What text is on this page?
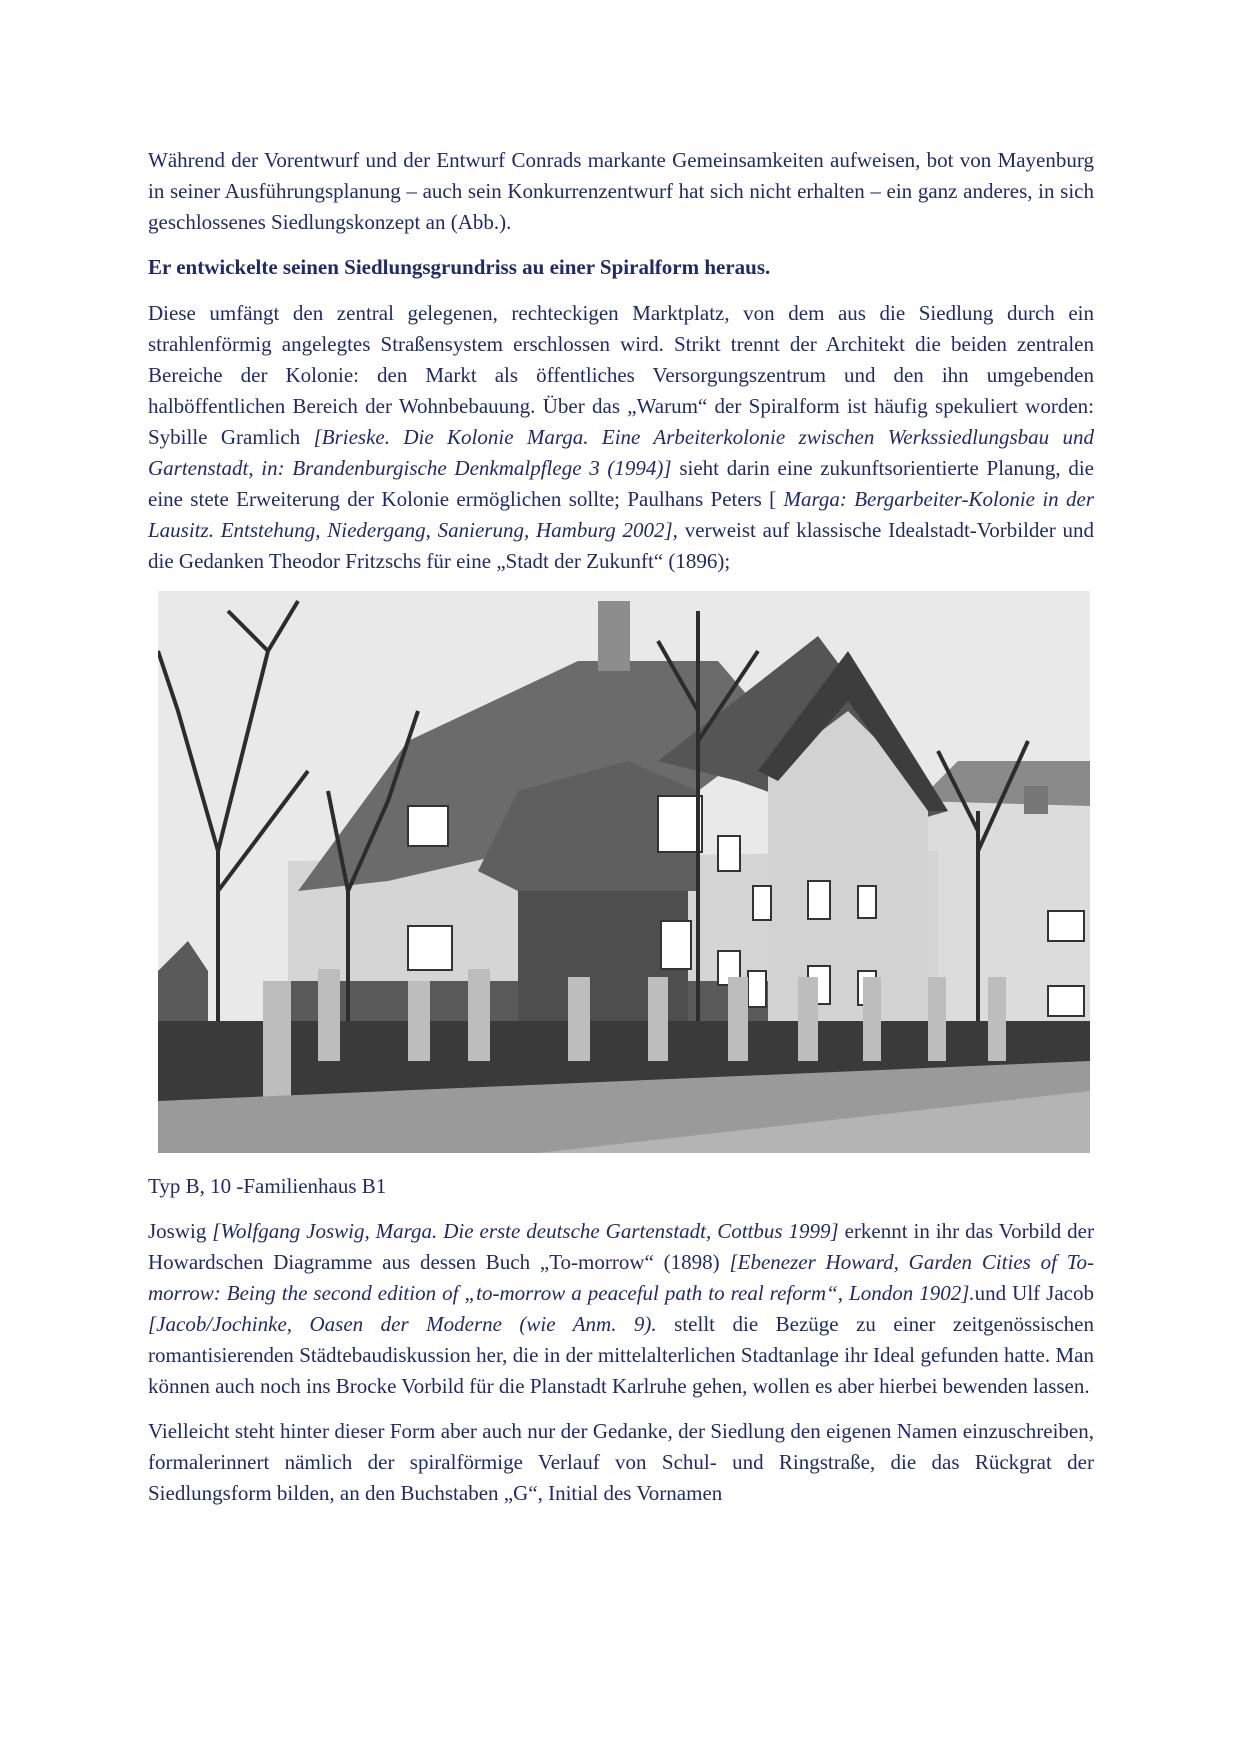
Während der Vorentwurf und der Entwurf Conrads markante Gemeinsamkeiten aufweisen, bot von Mayenburg in seiner Ausführungsplanung – auch sein Konkurrenzentwurf hat sich nicht erhalten – ein ganz anderes, in sich geschlossenes Siedlungskonzept an (Abb.).

Er entwickelte seinen Siedlungsgrundriss au einer Spiralform heraus.

Diese umfängt den zentral gelegenen, rechteckigen Marktplatz, von dem aus die Siedlung durch ein strahlenförmig angelegtes Straßensystem erschlossen wird. Strikt trennt der Architekt die beiden zentralen Bereiche der Kolonie: den Markt als öffentliches Versorgungszentrum und den ihn umgebenden halböffentlichen Bereich der Wohnbebauung. Über das „Warum“ der Spiralform ist häufig spekuliert worden: Sybille Gramlich [Brieske. Die Kolonie Marga. Eine Arbeiterkolonie zwischen Werkssiedlungsbau und Gartenstadt, in: Brandenburgische Denkmalpflege 3 (1994)] sieht darin eine zukunftsorientierte Planung, die eine stete Erweiterung der Kolonie ermöglichen sollte; Paulhans Peters [ Marga: Bergarbeiter-Kolonie in der Lausitz. Entstehung, Niedergang, Sanierung, Hamburg 2002], verweist auf klassische Idealstadt-Vorbilder und die Gedanken Theodor Fritzschs für eine „Stadt der Zukunft“ (1896);

Typ B, 10 -Familienhaus B1

Joswig [Wolfgang Joswig, Marga. Die erste deutsche Gartenstadt, Cottbus 1999] erkennt in ihr das Vorbild der Howardschen Diagramme aus dessen Buch „To-morrow“ (1898) [Ebenezer Howard, Garden Cities of To-morrow: Being the second edition of „to-morrow a peaceful path to real reform“, London 1902].und Ulf Jacob [Jacob/Jochinke, Oasen der Moderne (wie Anm. 9). stellt die Bezüge zu einer zeitgenössischen romantisierenden Städtebaudiskussion her, die in der mittelalterlichen Stadtanlage ihr Ideal gefunden hatte. Man können auch noch ins Brocke Vorbild für die Planstadt Karlruhe gehen, wollen es aber hierbei bewenden lassen.

Vielleicht steht hinter dieser Form aber auch nur der Gedanke, der Siedlung den eigenen Namen einzuschreiben, formalerinnert nämlich der spiralförmige Verlauf von Schul- und Ringstraße, die das Rückgrat der Siedlungsform bilden, an den Buchstaben „G“, Initial des Vornamen
